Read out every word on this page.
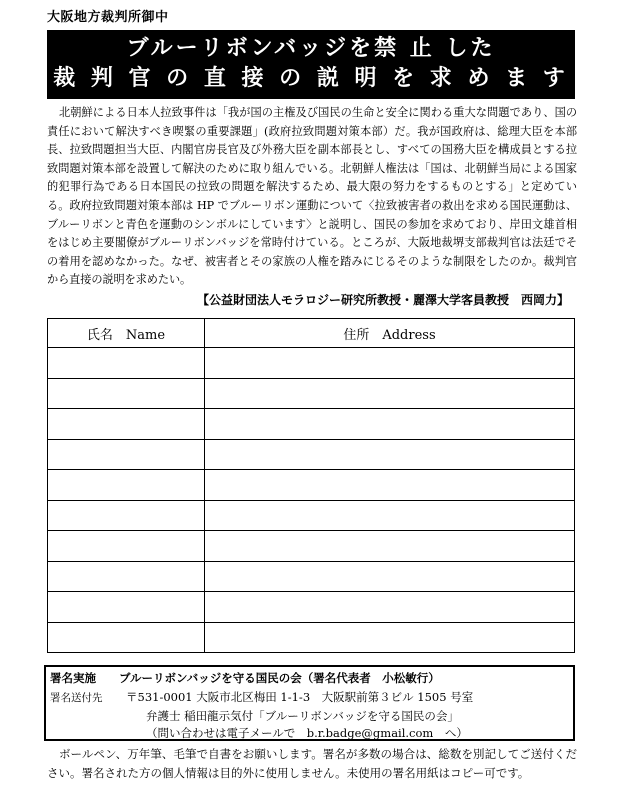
大阪地方裁判所御中
ブルーリボンバッジを禁 止 した
裁 判 官 の 直 接 の 説 明 を 求 め ま す

北朝鮮による日本人拉致事件は「我が国の主権及び国民の生命と安全に関わる重大な問題であり、国の責任において解決すべき喫緊の重要課題」(政府拉致問題対策本部）だ。我が国政府は、総理大臣を本部長、拉致問題担当大臣、内閣官房長官及び外務大臣を副本部長とし、すべての国務大臣を構成員とする拉致問題対策本部を設置して解決のために取り組んでいる。北朝鮮人権法は「国は、北朝鮮当局による国家的犯罪行為である日本国民の拉致の問題を解決するため、最大限の努力をするものとする」と定めている。政府拉致問題対策本部は HP でブルーリボン運動について〈拉致被害者の救出を求める国民運動は、ブルーリボンと青色を運動のシンボルにしています〉と説明し、国民の参加を求めており、岸田文雄首相をはじめ主要閣僚がブルーリボンバッジを常時付けている。ところが、大阪地裁堺支部裁判官は法廷でその着用を認めなかった。なぜ、被害者とその家族の人権を踏みにじるそのような制限をしたのか。裁判官から直接の説明を求めたい。

【公益財団法人モラロジー研究所教授・麗澤大学客員教授　西岡力】
氏名　Name	住所　Address

署名実施　　ブルーリボンバッジを守る国民の会（署名代表者　小松敏行）
署名送付先 〒531-0001 大阪市北区梅田 1-1-3　大阪駅前第３ビル 1505 号室
弁護士 稲田龍示気付「ブルーリボンバッジを守る国民の会」
（問い合わせは電子メールで　b.r.badge@gmail.com　へ）

ボールペン、万年筆、毛筆で自書をお願いします。署名が多数の場合は、総数を別記してご送付ください。署名された方の個人情報は目的外に使用しません。未使用の署名用紙はコピー可です。
